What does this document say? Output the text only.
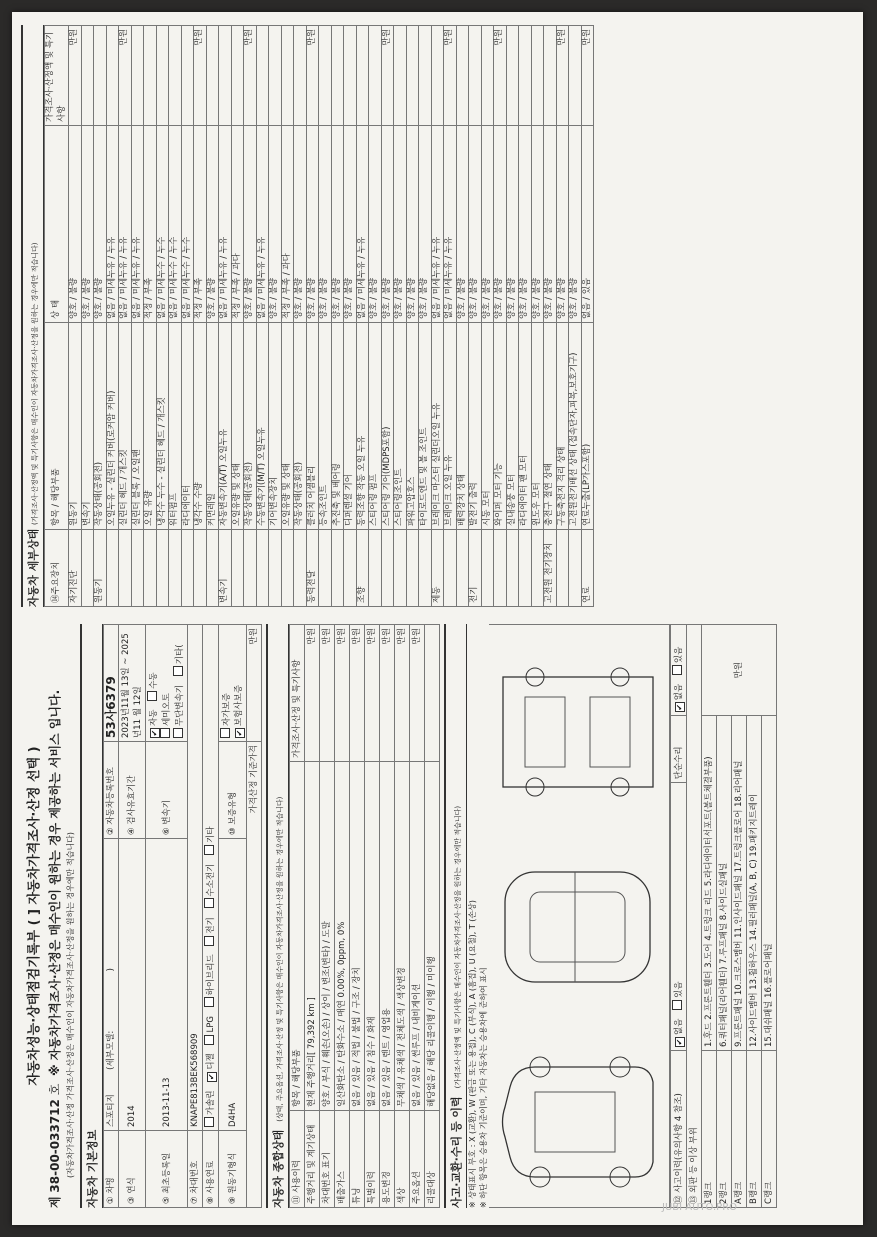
자동차성능·상태점검기록부 ( ] 자동차가격조사·산정 선택 )
제

38-00-033712

호

※ 자동차가격조사·산정은 매수인이 원하는 경우 제공하는 서비스 입니다. (자동차가격조사·산정 가격조사·산정은 매수인이 자동차가격조사·산정을 원하는 경우에만 적습니다) 자동차 기본정보 ① 차명	스포티지         (세부모델:                      )	② 자동차등록번호	53사6379
③ 연식	2014	④ 검사유효기간	2023년11월 13일 ~ 2025 년11 월 12일
⑤ 최초등록일	2013-11-13	⑥ 변속기	✔자동 수동 세미오토 무단변속기 기타(
⑦ 차대번호	KNAPE813BEK568909		
⑧ 사용연료	가솔린 ✔디젤 LPG 하이브리드 전기 수소전기 기타
⑨ 원동기형식	D4HA	⑩ 보증유형	자가보증 ✔ 보험사보증
가격산정 기준가격			만원
자동차 종합상태
(상태, 주요옵션, 가격조사·산정 및 특기사항은 매수인이 자동차가격조사·산정을 원하는 경우에만 적습니다)
⑪ 사용이력	항목 / 해당부품	가격조사·산정 및 특기사항
주행거리 및 계기상태	현재 주행거리[ 79,392 km ]	만원
차대번호 표기	양호 / 부식 / 훼손(오손) / 상이 / 변조(변타) / 도말	만원
배출가스	일산화탄소 / 탄화수소 / 매연 0.00%, 0ppm, 0%	만원
튜닝	없음 / 있음 / 적법 / 불법 / 구조 / 장치	만원
특별이력	없음 / 있음 / 침수 / 화재	만원
용도변경	없음 / 있음 / 렌트 / 영업용	만원
색상	무채색 / 유채색 / 전체도색 / 색상변경	만원
주요옵션	없음 / 있음 / 썬루프 / 내비게이션	만원
리콜대상	해당없음 / 해당 리콜이행 / 이행 / 미이행	
사고·교환·수리 등 이력
(가격조사·산정액 및 특기사항은 매수인이 자동차가격조사·산정을 원하는 경우에만 적습니다) ※ 상태표시 부호 : X (교환), W (판금 또는 용접), C (부식), A (흠집), U (요철), T (손상) ※ 하단 항목은 승용차 기준이며, 기타 자동차는 승용차에 준하여 표시	⑫ 사고이력(유의사항 4 참조)	✔없음 있음	단순수리	✔없음 있음
⑬ 외판 등 이상 부위			
1랭크	1.후드 2.프론트휀더 3.도어 4.트렁크 리드 5.라디에이터서포트(볼트체결부품)		만원
2랭크	6.쿼터패널(리어휀더) 7.루프패널 8.사이드실패널		
A랭크	9.프론트패널 10.크로스멤버 11.인사이드패널 17.트렁크플로어 18.리어패널		
B랭크	12.사이드멤버 13.휠하우스 14.필러패널(A, B, C) 19.패키지트레이		
C랭크	15.대쉬패널 16.플로어패널		
자동차 세부상태 (가격조사·산정액 및 특기사항은 매수인이 자동차가격조사·산정을 원하는 경우에만 적습니다)
⑭주요장치	항목 / 해당부품	상 태	가격조사·산정액 및 특기사항
자기진단	원동기	양호 / 불량	만원
	변속기	양호 / 불량	
원동기	작동상태(공회전)	양호 / 불량	
	오일누유 - 실린더 커버(로커암 커버)	없음 / 미세누유 / 누유	
	실린더 헤드 / 개스킷	없음 / 미세누유 / 누유	만원
	실린더 블록 / 오일팬	없음 / 미세누유 / 누유	
	오일 유량	적정 / 부족	
	냉각수 누수 - 실린더 헤드 / 개스킷	없음 / 미세누수 / 누수	
	워터펌프	없음 / 미세누수 / 누수	
	라디에이터	없음 / 미세누수 / 누수	
	냉각수 수량	적정 / 부족	만원
	커먼레일	양호 / 불량	
변속기	자동변속기(A/T) 오일누유	없음 / 미세누유 / 누유	
	오일유량 및 상태	적정 / 부족 / 과다	
	작동상태(공회전)	양호 / 불량	만원
	수동변속기(M/T) 오일누유	없음 / 미세누유 / 누유	
	기어변속장치	양호 / 불량	
	오일유량 및 상태	적정 / 부족 / 과다	
	작동상태(공회전)	양호 / 불량	
동력전달	클러치 어셈블리	양호 / 불량	만원
	등속조인트	양호 / 불량	
	추진축 및 베어링	양호 / 불량	
	디퍼렌셜 기어	양호 / 불량	
조향	동력조향 작동 오일 누유	없음 / 미세누유 / 누유	
	스티어링 펌프	양호 / 불량	
	스티어링 기어(MDPS포함)	양호 / 불량	만원
	스티어링조인트	양호 / 불량	
	파워고압호스	양호 / 불량	
	타이로드엔드 및 볼 조인트	양호 / 불량	
제동	브레이크 마스터 실린더오일 누유	없음 / 미세누유 / 누유	
	브레이크 오일 누유	없음 / 미세누유 / 누유	만원
	배력장치 상태	양호 / 불량	
전기	발전기 출력	양호 / 불량	
	시동 모터	양호 / 불량	
	와이퍼 모터 기능	양호 / 불량	만원
	실내송풍 모터	양호 / 불량	
	라디에이터 팬 모터	양호 / 불량	
	윈도우 모터	양호 / 불량	
고전원 전기장치	충전구 절연 상태	양호 / 불량	
	구동축전지 격리 상태	양호 / 불량	만원
	고전원전기배선 상태 (접속단자,피복,보호기구)	양호 / 불량	
연료	연료누출(LP가스포함)	없음 / 있음	만원
JUBI AUTO.PRO
